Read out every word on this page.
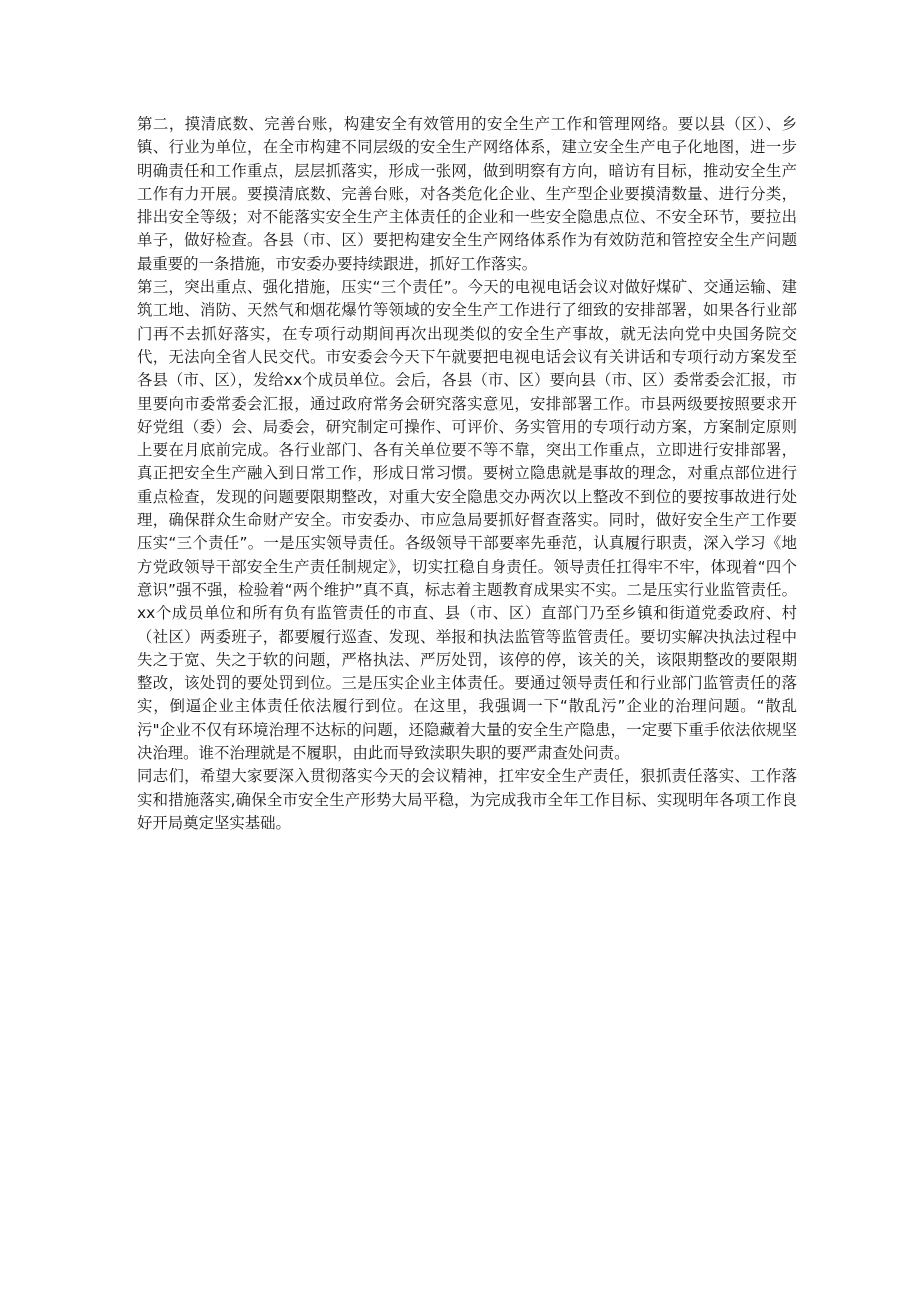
第二，摸清底数、完善台账，构建安全有效管用的安全生产工作和管理网络。要以县（区）、乡镇、行业为单位，在全市构建不同层级的安全生产网络体系，建立安全生产电子化地图，进一步明确责任和工作重点，层层抓落实，形成一张网，做到明察有方向，暗访有目标，推动安全生产工作有力开展。要摸清底数、完善台账，对各类危化企业、生产型企业要摸清数量、进行分类，排出安全等级；对不能落实安全生产主体责任的企业和一些安全隐患点位、不安全环节，要拉出单子，做好检查。各县（市、区）要把构建安全生产网络体系作为有效防范和管控安全生产问题最重要的一条措施，市安委办要持续跟进，抓好工作落实。

第三，突出重点、强化措施，压实“三个责任”。今天的电视电话会议对做好煤矿、交通运输、建筑工地、消防、天然气和烟花爆竹等领域的安全生产工作进行了细致的安排部署，如果各行业部门再不去抓好落实，在专项行动期间再次出现类似的安全生产事故，就无法向党中央国务院交代，无法向全省人民交代。市安委会今天下午就要把电视电话会议有关讲话和专项行动方案发至各县（市、区），发给xx个成员单位。会后，各县（市、区）要向县（市、区）委常委会汇报，市里要向市委常委会汇报，通过政府常务会研究落实意见，安排部署工作。市县两级要按照要求开好党组（委）会、局委会，研究制定可操作、可评价、务实管用的专项行动方案，方案制定原则上要在月底前完成。各行业部门、各有关单位要不等不靠，突出工作重点，立即进行安排部署，真正把安全生产融入到日常工作，形成日常习惯。要树立隐患就是事故的理念，对重点部位进行重点检查，发现的问题要限期整改，对重大安全隐患交办两次以上整改不到位的要按事故进行处理，确保群众生命财产安全。市安委办、市应急局要抓好督查落实。同时，做好安全生产工作要压实“三个责任”。一是压实领导责任。各级领导干部要率先垂范，认真履行职责，深入学习《地方党政领导干部安全生产责任制规定》，切实扛稳自身责任。领导责任扛得牢不牢，体现着“四个意识”强不强，检验着“两个维护”真不真，标志着主题教育成果实不实。二是压实行业监管责任。xx个成员单位和所有负有监管责任的市直、县（市、区）直部门乃至乡镇和街道党委政府、村（社区）两委班子，都要履行巡查、发现、举报和执法监管等监管责任。要切实解决执法过程中失之于宽、失之于软的问题，严格执法、严厉处罚，该停的停，该关的关，该限期整改的要限期整改，该处罚的要处罚到位。三是压实企业主体责任。要通过领导责任和行业部门监管责任的落实，倒逼企业主体责任依法履行到位。在这里，我强调一下“散乱污”企业的治理问题。“散乱污"企业不仅有环境治理不达标的问题，还隐藏着大量的安全生产隐患，一定要下重手依法依规坚决治理。谁不治理就是不履职，由此而导致渎职失职的要严肃查处问责。

同志们，希望大家要深入贯彻落实今天的会议精神，扛牢安全生产责任，狠抓责任落实、工作落实和措施落实,确保全市安全生产形势大局平稳，为完成我市全年工作目标、实现明年各项工作良好开局奠定坚实基础。
